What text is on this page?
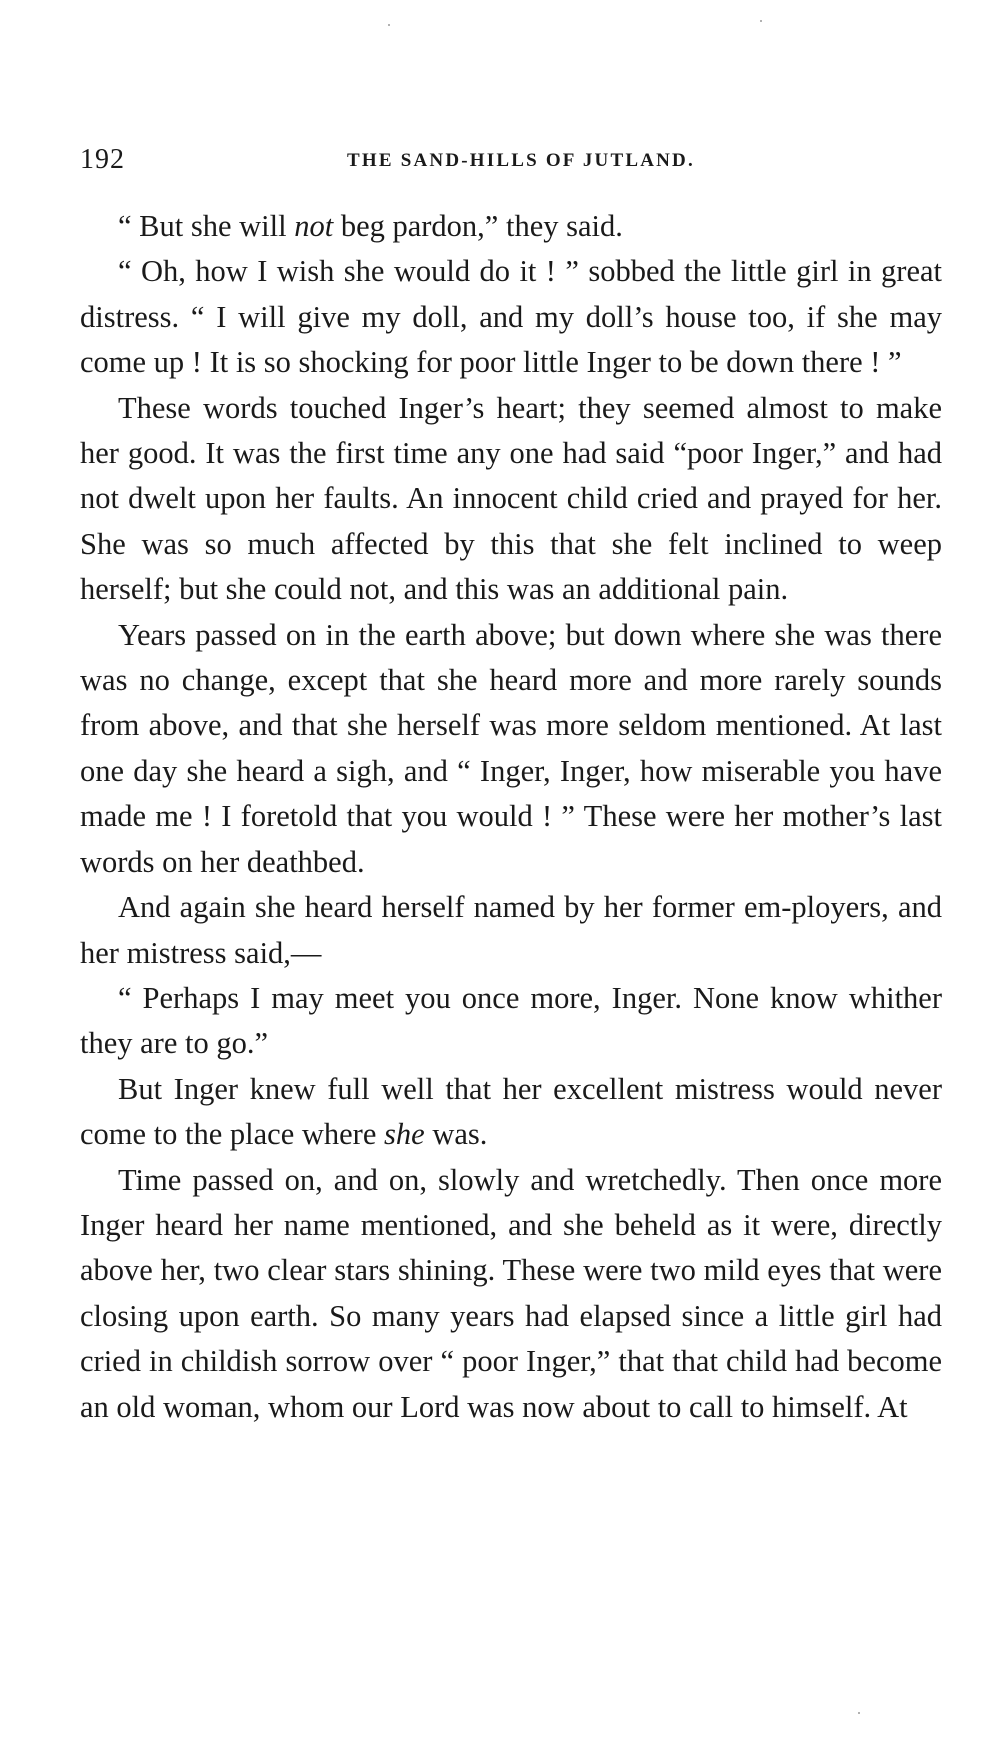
192	THE SAND-HILLS OF JUTLAND.

“ But she will not beg pardon,” they said.

“ Oh, how I wish she would do it ! ” sobbed the little girl in great distress. “ I will give my doll, and my doll’s house too, if she may come up ! It is so shocking for poor little Inger to be down there ! ”

These words touched Inger’s heart; they seemed almost to make her good. It was the first time any one had said “poor Inger,” and had not dwelt upon her faults. An innocent child cried and prayed for her. She was so much affected by this that she felt inclined to weep herself; but she could not, and this was an additional pain.

Years passed on in the earth above; but down where she was there was no change, except that she heard more and more rarely sounds from above, and that she herself was more seldom mentioned. At last one day she heard a sigh, and “ Inger, Inger, how miserable you have made me ! I foretold that you would ! ” These were her mother’s last words on her deathbed.

And again she heard herself named by her former em-ployers, and her mistress said,—

“ Perhaps I may meet you once more, Inger. None know whither they are to go.”

But Inger knew full well that her excellent mistress would never come to the place where she was.

Time passed on, and on, slowly and wretchedly. Then once more Inger heard her name mentioned, and she beheld as it were, directly above her, two clear stars shining. These were two mild eyes that were closing upon earth. So many years had elapsed since a little girl had cried in childish sorrow over “ poor Inger,” that that child had become an old woman, whom our Lord was now about to call to himself. At
